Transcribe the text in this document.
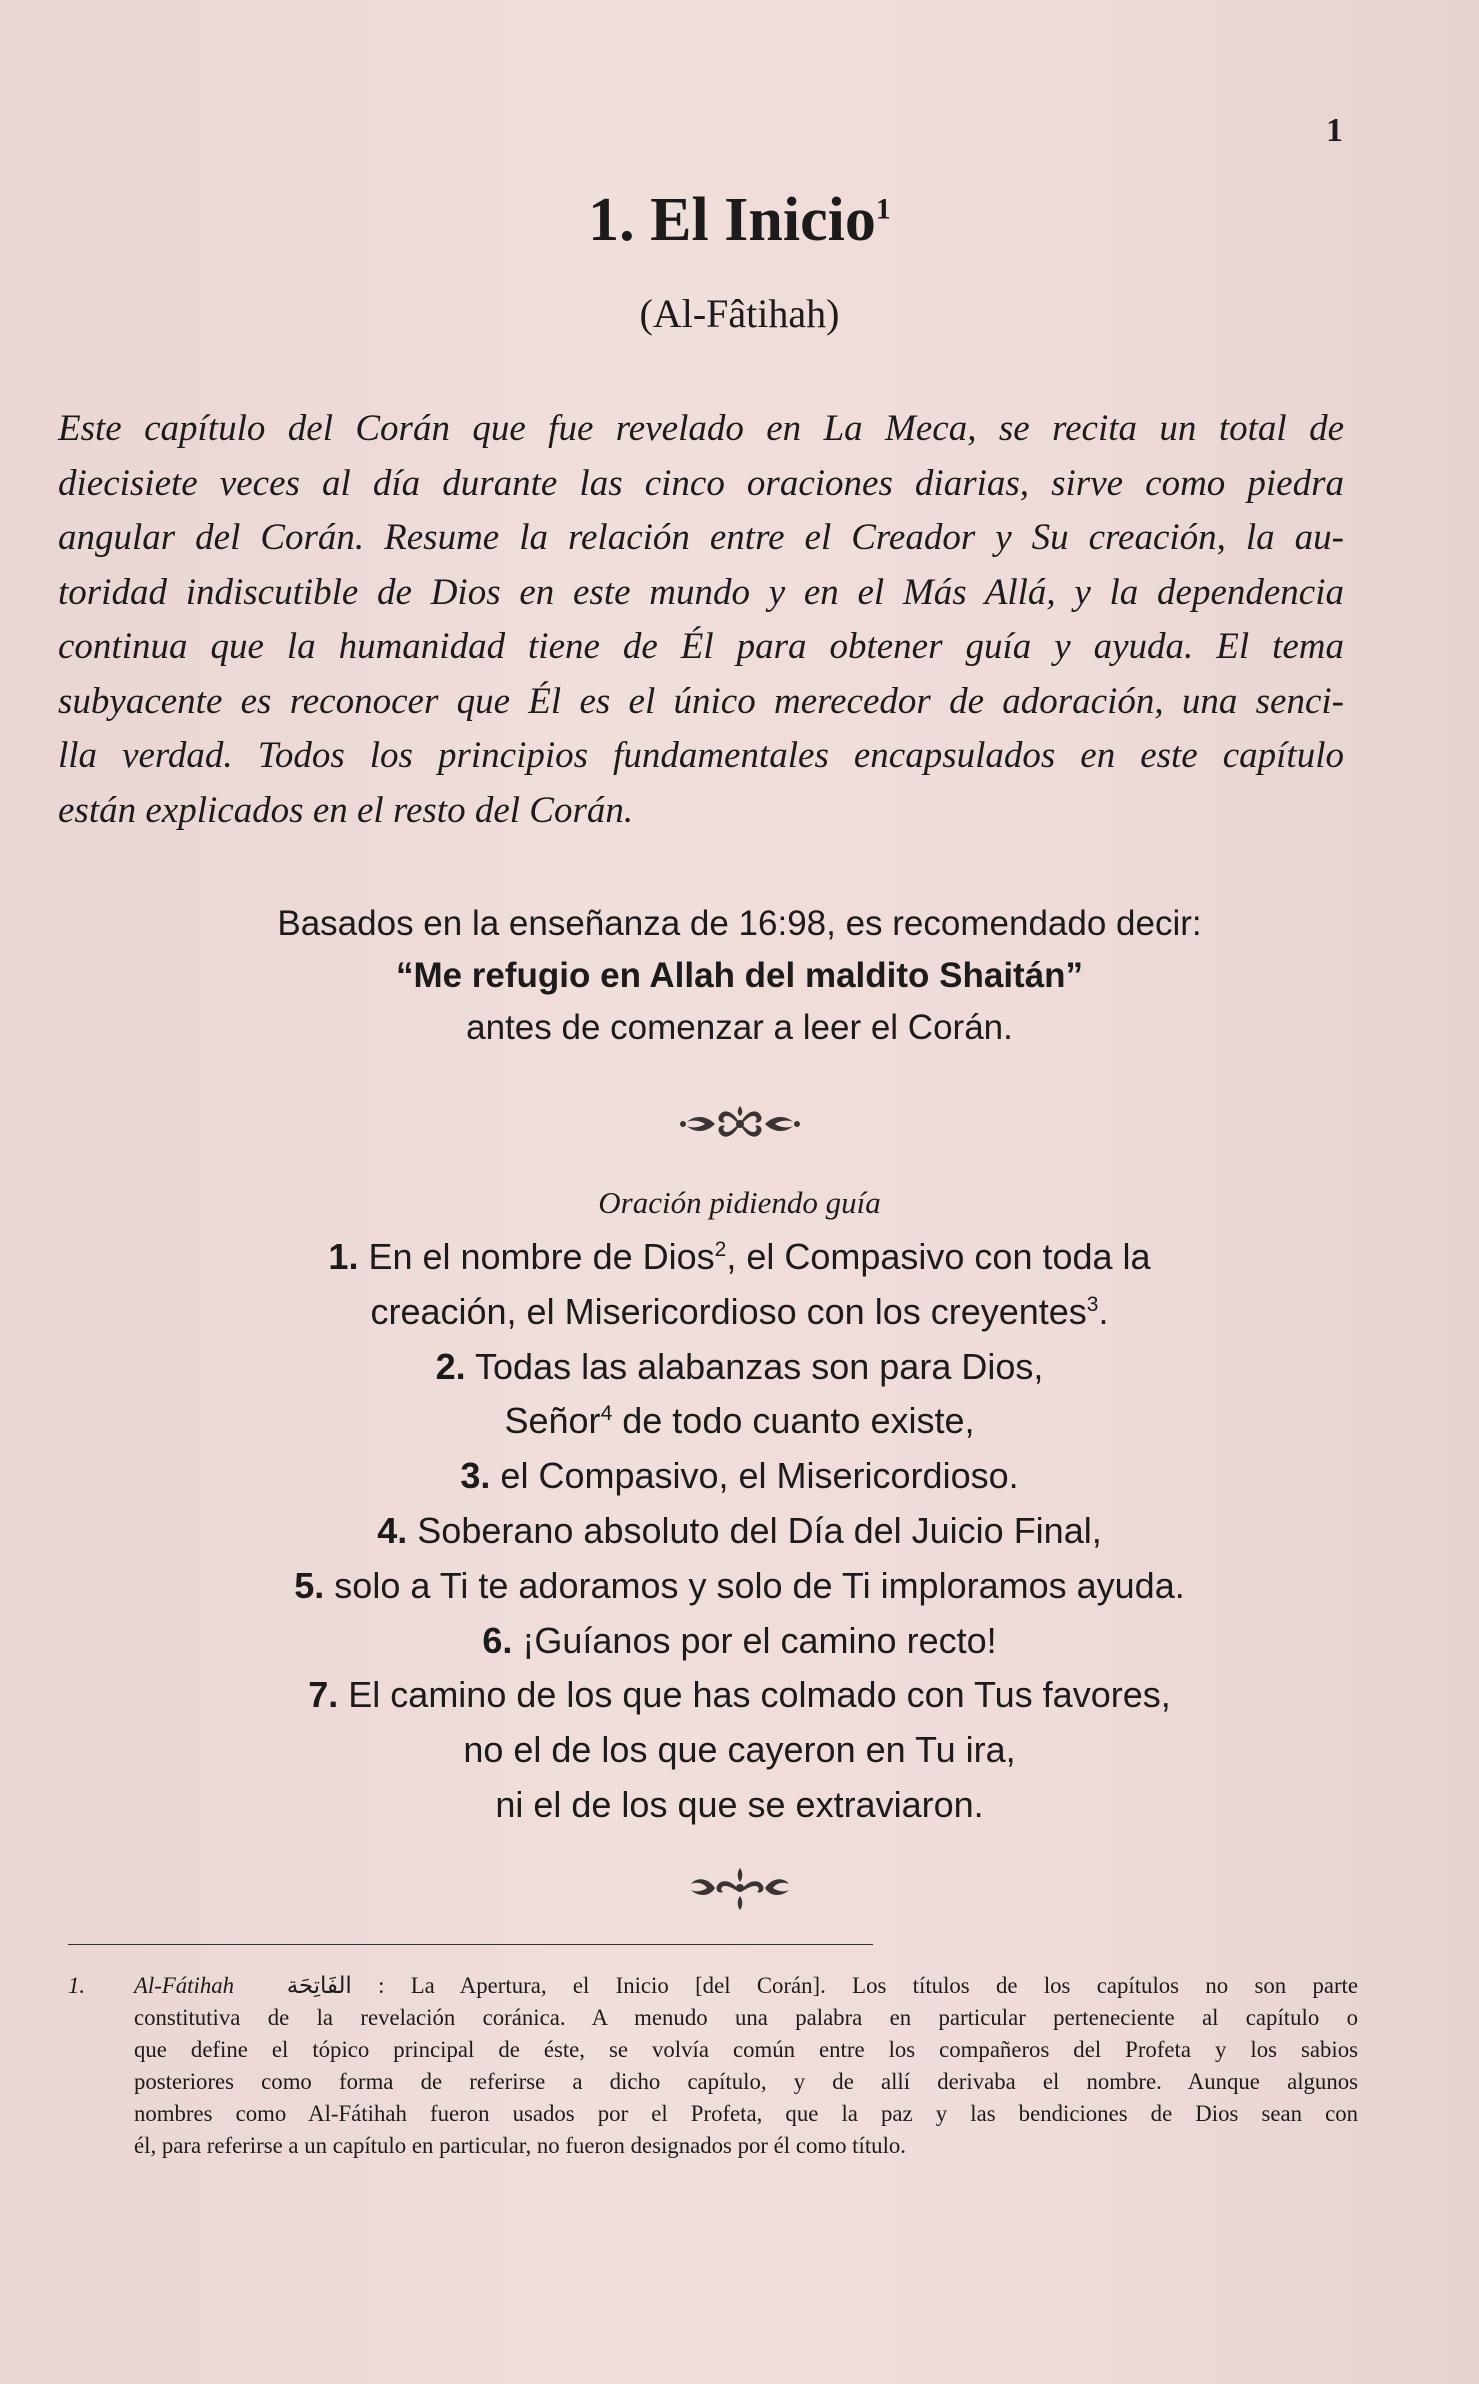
1
1. El Inicio$^1$
(Al-Fâtihah)
Este capítulo del Corán que fue revelado en La Meca, se recita un total de
diecisiete veces al día durante las cinco oraciones diarias, sirve como piedra
angular del Corán. Resume la relación entre el Creador y Su creación, la au-
toridad indiscutible de Dios en este mundo y en el Más Allá, y la dependencia
continua que la humanidad tiene de Él para obtener guía y ayuda. El tema
subyacente es reconocer que Él es el único merecedor de adoración, una senci-
lla verdad. Todos los principios fundamentales encapsulados en este capítulo
están explicados en el resto del Corán.
Basados en la enseñanza de 16:98, es recomendado decir:
“Me refugio en Allah del maldito Shaitán”
antes de comenzar a leer el Corán.
Oración pidiendo guía
1. En el nombre de Dios$^2$, el Compasivo con toda la
creación, el Misericordioso con los creyentes$^3$.
2. Todas las alabanzas son para Dios,
Señor$^4$ de todo cuanto existe,
3. el Compasivo, el Misericordioso.
4. Soberano absoluto del Día del Juicio Final,
5. solo a Ti te adoramos y solo de Ti imploramos ayuda.
6. ¡Guíanos por el camino recto!
7. El camino de los que has colmado con Tus favores,
no el de los que cayeron en Tu ira,
ni el de los que se extraviaron.
1. Al-Fátihah الفَاتِحَة : La Apertura, el Inicio [del Corán]. Los títulos de los capítulos no son parte
constitutiva de la revelación coránica. A menudo una palabra en particular perteneciente al capítulo o
que define el tópico principal de éste, se volvía común entre los compañeros del Profeta y los sabios
posteriores como forma de referirse a dicho capítulo, y de allí derivaba el nombre. Aunque algunos
nombres como Al-Fátihah fueron usados por el Profeta, que la paz y las bendiciones de Dios sean con
él, para referirse a un capítulo en particular, no fueron designados por él como título.
